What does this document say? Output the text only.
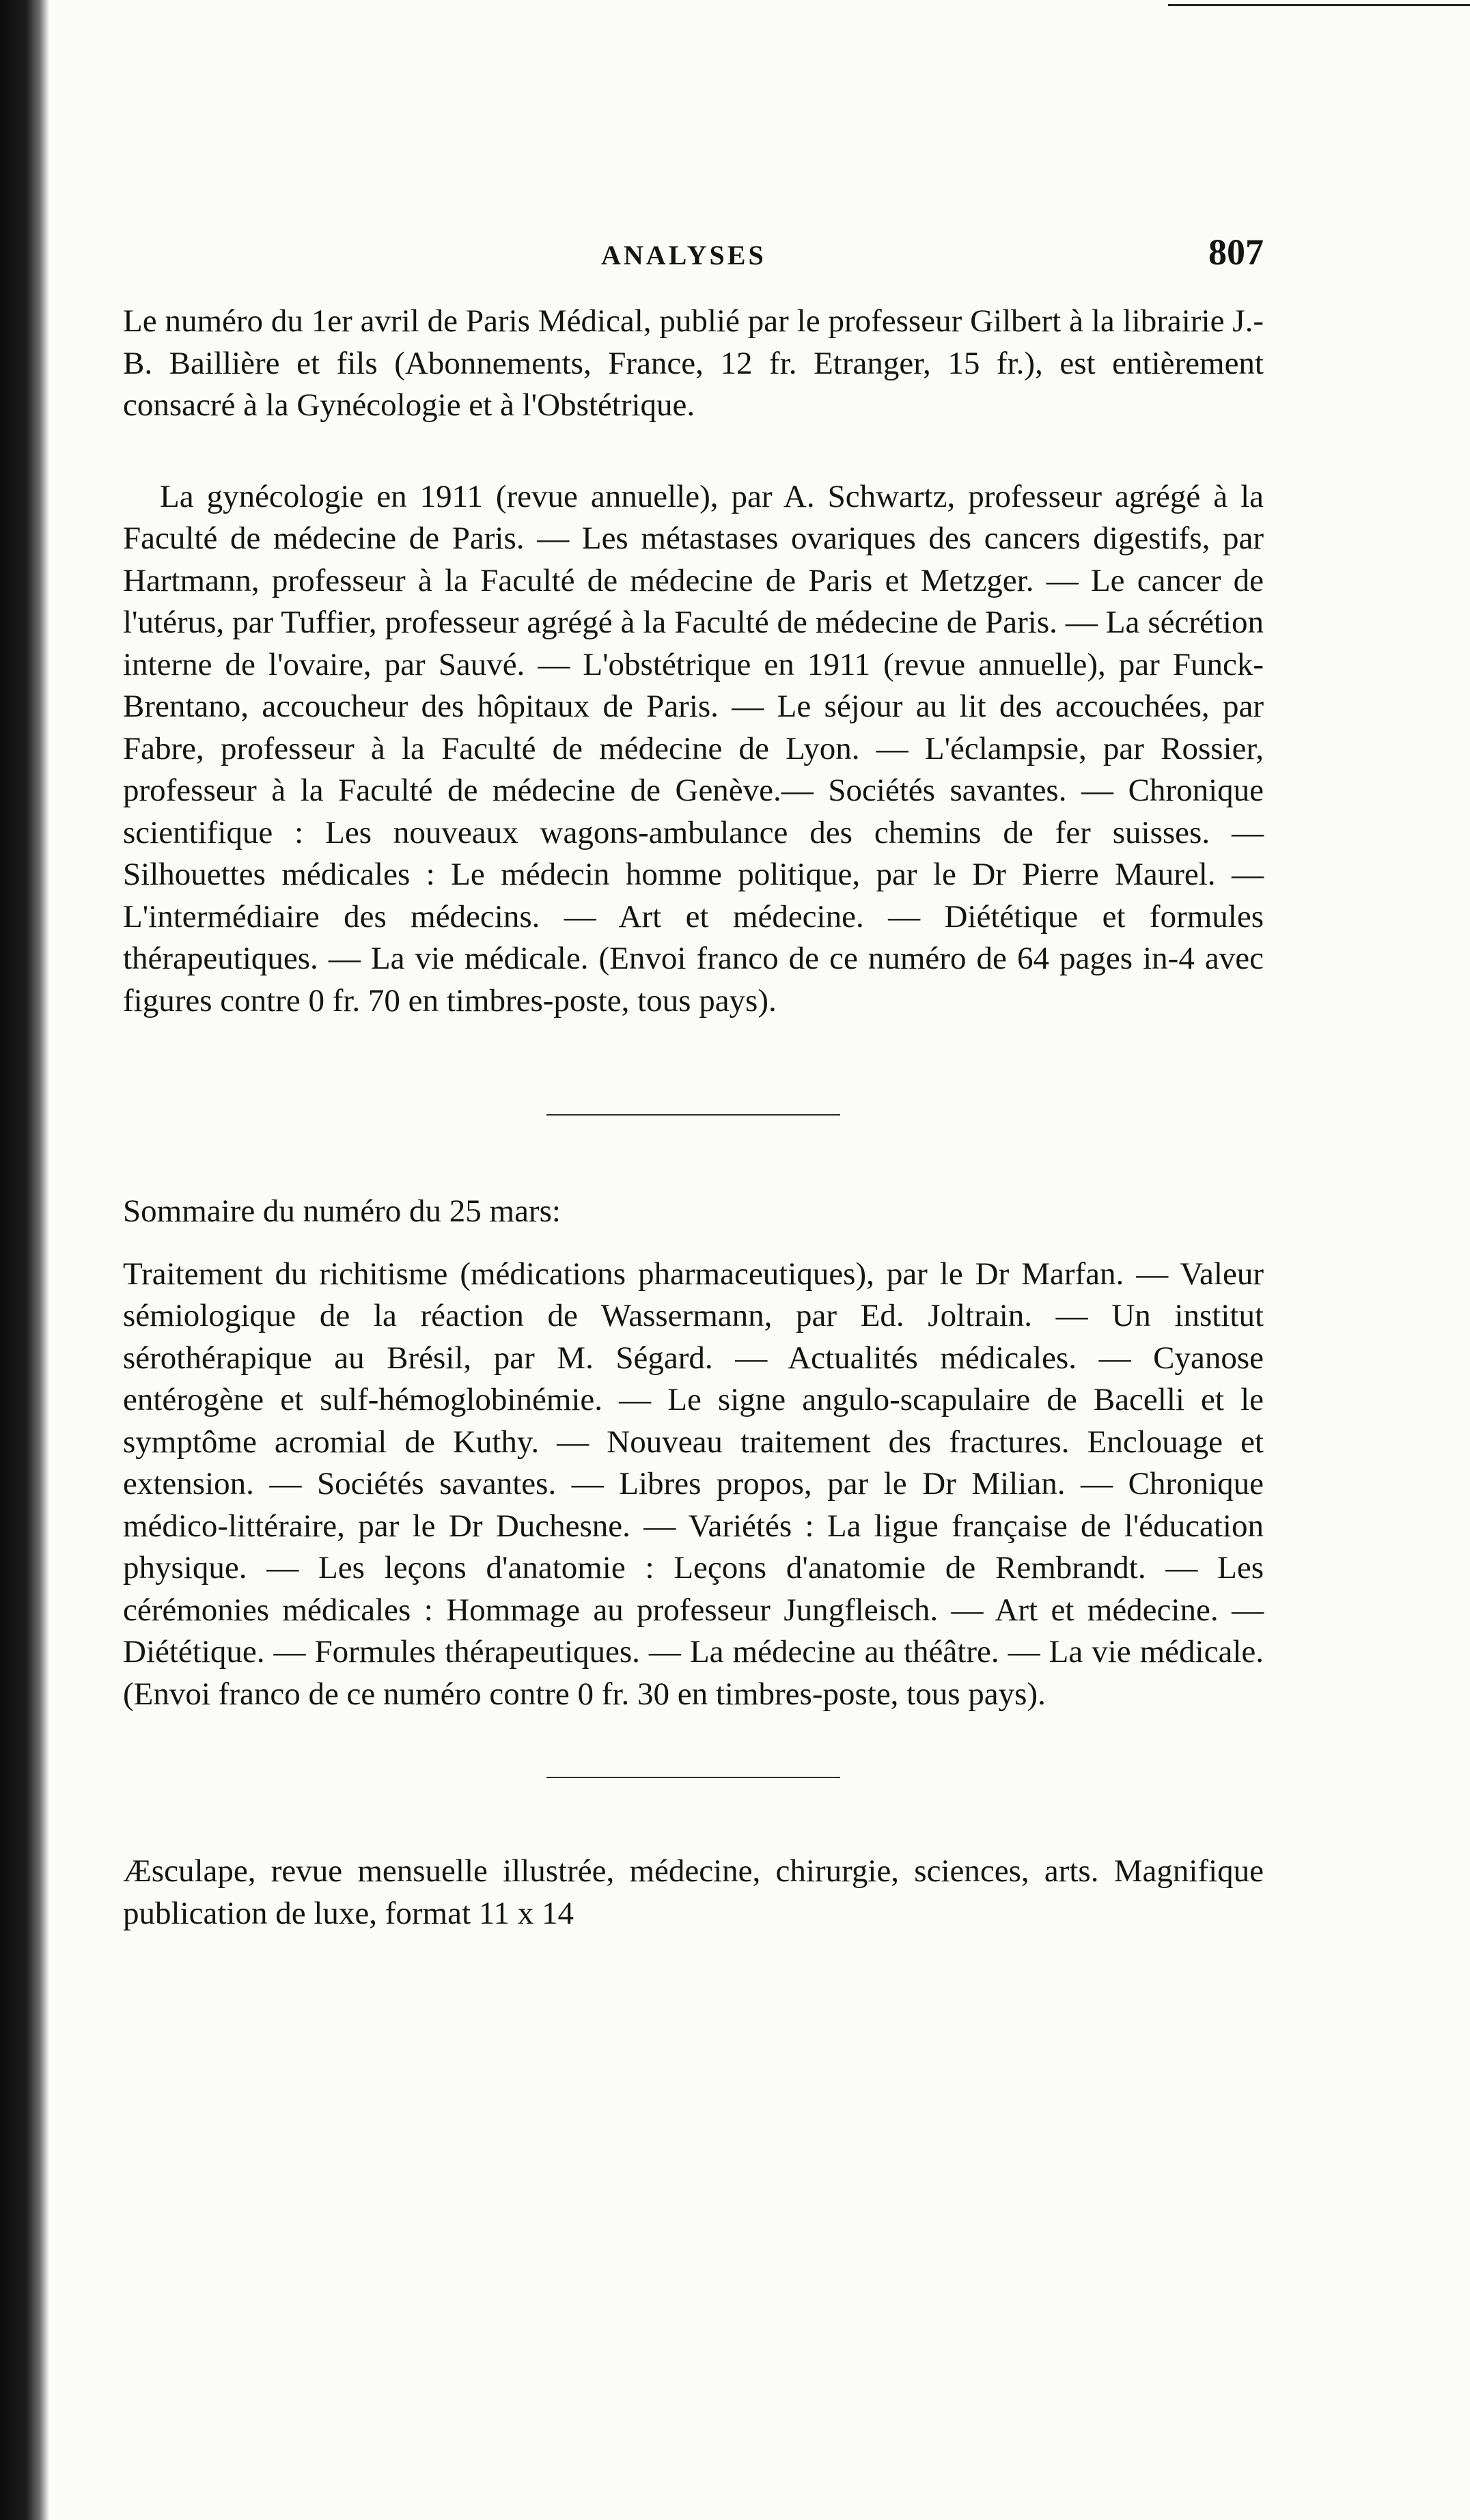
ANALYSES	807

Le numéro du 1er avril de Paris Médical, publié par le professeur Gilbert à la librairie J.-B. Baillière et fils (Abonnements, France, 12 fr. Etranger, 15 fr.), est entièrement consacré à la Gynécologie et à l'Obstétrique.

La gynécologie en 1911 (revue annuelle), par A. Schwartz, professeur agrégé à la Faculté de médecine de Paris. — Les métastases ovariques des cancers digestifs, par Hartmann, professeur à la Faculté de médecine de Paris et Metzger. — Le cancer de l'utérus, par Tuffier, professeur agrégé à la Faculté de médecine de Paris. — La sécrétion interne de l'ovaire, par Sauvé. — L'obstétrique en 1911 (revue annuelle), par Funck-Brentano, accoucheur des hôpitaux de Paris. — Le séjour au lit des accouchées, par Fabre, professeur à la Faculté de médecine de Lyon. — L'éclampsie, par Rossier, professeur à la Faculté de médecine de Genève.— Sociétés savantes. — Chronique scientifique : Les nouveaux wagons-ambulance des chemins de fer suisses. — Silhouettes médicales : Le médecin homme politique, par le Dr Pierre Maurel. — L'intermédiaire des médecins. — Art et médecine. — Diététique et formules thérapeutiques. — La vie médicale. (Envoi franco de ce numéro de 64 pages in-4 avec figures contre 0 fr. 70 en timbres-poste, tous pays).

Sommaire du numéro du 25 mars:

Traitement du richitisme (médications pharmaceutiques), par le Dr Marfan. — Valeur sémiologique de la réaction de Wassermann, par Ed. Joltrain. — Un institut sérothérapique au Brésil, par M. Ségard. — Actualités médicales. — Cyanose entérogène et sulf-hémoglobinémie. — Le signe angulo-scapulaire de Bacelli et le symptôme acromial de Kuthy. — Nouveau traitement des fractures. Enclouage et extension. — Sociétés savantes. — Libres propos, par le Dr Milian. — Chronique médico-littéraire, par le Dr Duchesne. — Variétés : La ligue française de l'éducation physique. — Les leçons d'anatomie : Leçons d'anatomie de Rembrandt. — Les cérémonies médicales : Hommage au professeur Jungfleisch. — Art et médecine. — Diététique. — Formules thérapeutiques. — La médecine au théâtre. — La vie médicale. (Envoi franco de ce numéro contre 0 fr. 30 en timbres-poste, tous pays).

Æsculape, revue mensuelle illustrée, médecine, chirurgie, sciences, arts. Magnifique publication de luxe, format 11 x 14
